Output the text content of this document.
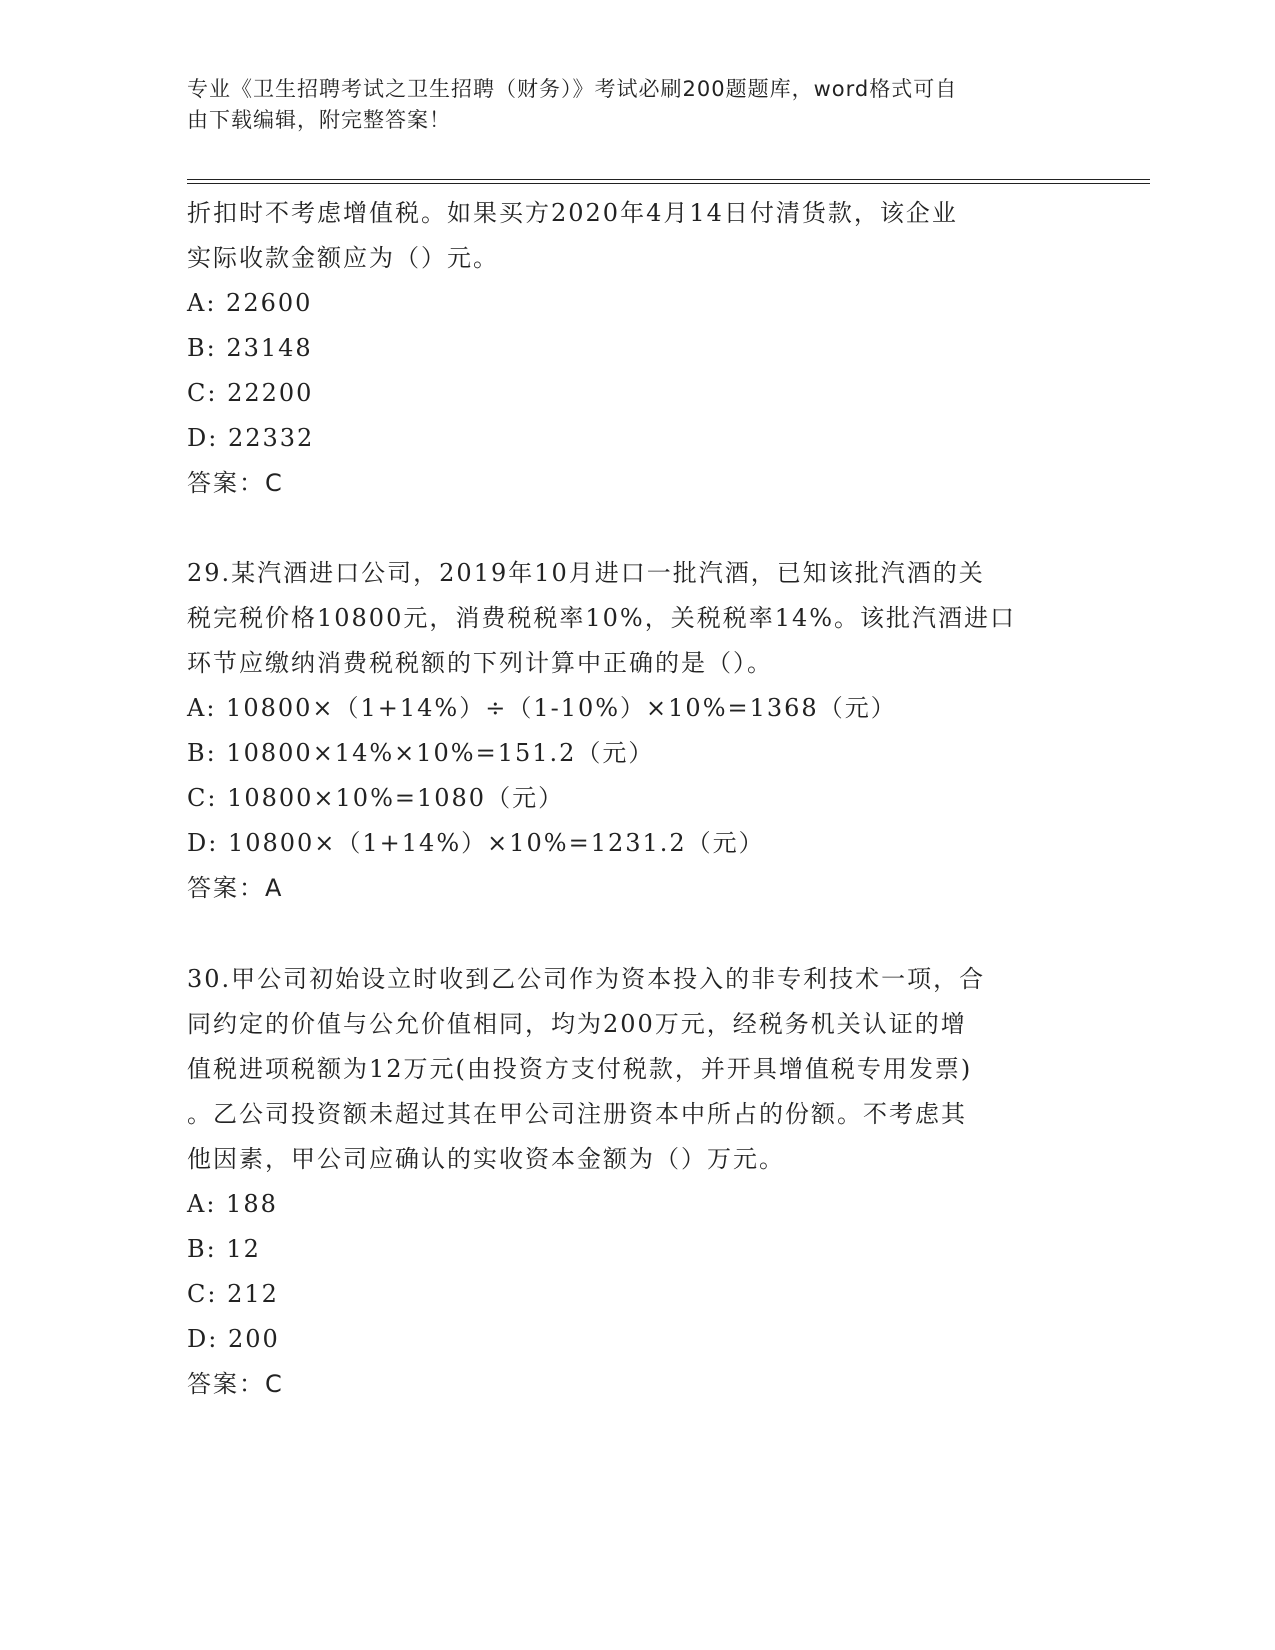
专业《卫生招聘考试之卫生招聘（财务）》考试必刷200题题库，word格式可自
由下载编辑，附完整答案！
折扣时不考虑增值税。如果买方2020年4月14日付清货款，该企业
实际收款金额应为（）元。
A: 22600
B: 23148
C: 22200
D: 22332
答案：C
29.某汽酒进口公司，2019年10月进口一批汽酒，已知该批汽酒的关
税完税价格10800元，消费税税率10%，关税税率14%。该批汽酒进口
环节应缴纳消费税税额的下列计算中正确的是（）。
A: 10800×（1+14%）÷（1-10%）×10%=1368（元）
B: 10800×14%×10%=151.2（元）
C: 10800×10%=1080（元）
D: 10800×（1+14%）×10%=1231.2（元）
答案：A
30.甲公司初始设立时收到乙公司作为资本投入的非专利技术一项，合
同约定的价值与公允价值相同，均为200万元，经税务机关认证的增
值税进项税额为12万元(由投资方支付税款，并开具增值税专用发票)
。乙公司投资额未超过其在甲公司注册资本中所占的份额。不考虑其
他因素，甲公司应确认的实收资本金额为（）万元。
A: 188
B: 12
C: 212
D: 200
答案：C
